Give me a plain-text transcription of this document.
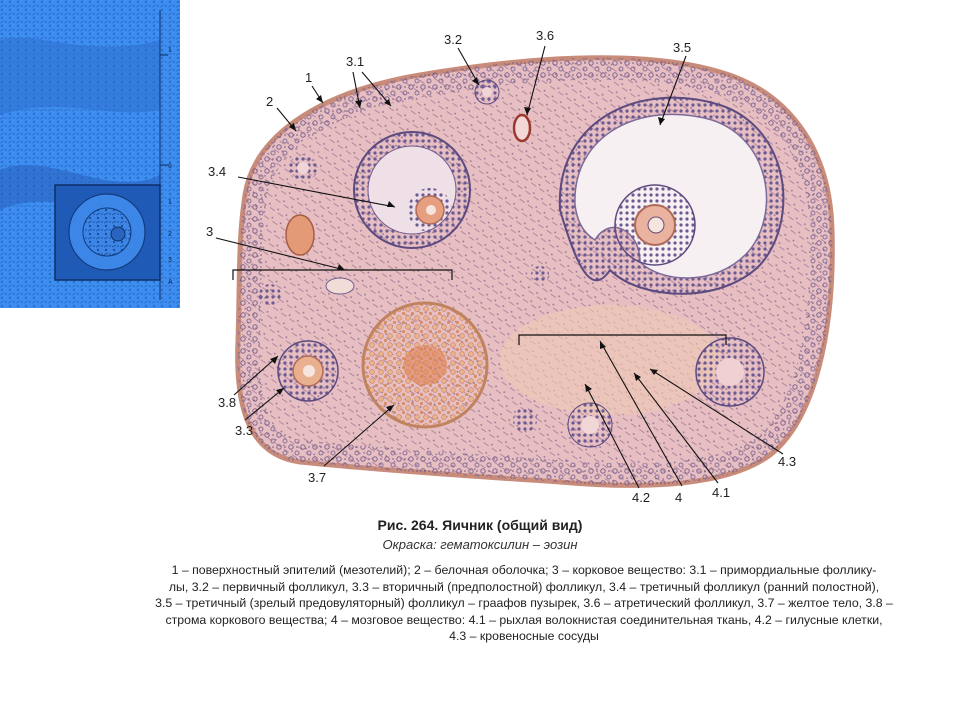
1
6
1
2
3
A
1
2
3.1
3.2	3.6
3.5
3.4
3
3.8
3.3
3.7
4.2 4 4.1
4.3
Рис. 264. Яичник (общий вид)
Окраска: гематоксилин – эозин
1 – поверхностный эпителий (мезотелий); 2 – белочная оболочка; 3 – корковое вещество: 3.1 – примордиальные фоллику-
лы, 3.2 – первичный фолликул, 3.3 – вторичный (предполостной) фолликул, 3.4 – третичный фолликул (ранний полостной),
3.5 – третичный (зрелый предовуляторный) фолликул – граафов пузырек, 3.6 – атретический фолликул, 3.7 – желтое тело, 3.8 –
строма коркового вещества; 4 – мозговое вещество: 4.1 – рыхлая волокнистая соединительная ткань, 4.2 – гилусные клетки,
4.3 – кровеносные сосуды
